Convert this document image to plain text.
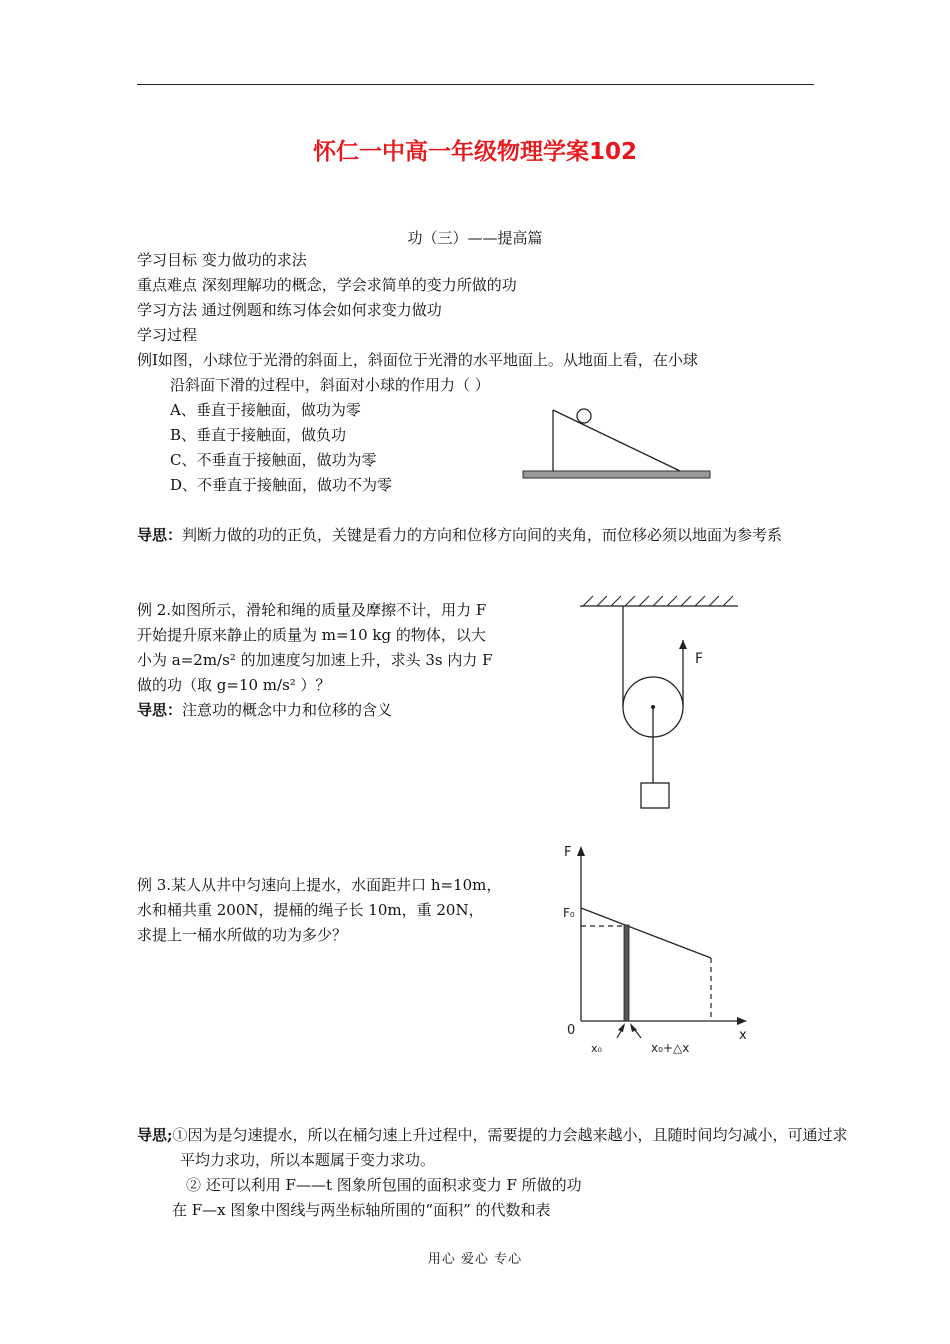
怀仁一中高一年级物理学案102
功（三）——提高篇
学习目标 变力做功的求法
重点难点 深刻理解功的概念，学会求简单的变力所做的功
学习方法 通过例题和练习体会如何求变力做功
学习过程
例Ⅰ如图，小球位于光滑的斜面上，斜面位于光滑的水平地面上。从地面上看，在小球
沿斜面下滑的过程中，斜面对小球的作用力（ ）
A、垂直于接触面，做功为零
B、垂直于接触面，做负功
C、不垂直于接触面，做功为零
D、不垂直于接触面，做功不为零
导思：判断力做的功的正负，关键是看力的方向和位移方向间的夹角，而位移必须以地面为参考系
例 2.如图所示，滑轮和绳的质量及摩擦不计，用力 F
开始提升原来静止的质量为 m=10 kg 的物体，以大
小为 a=2m/s² 的加速度匀加速上升，求头 3s 内力 F
做的功（取 g=10 m/s² ）？
导思：注意功的概念中力和位移的含义
F
例 3.某人从井中匀速向上提水，水面距井口 h=10m，
水和桶共重 200N，提桶的绳子长 10m，重 20N，
求提上一桶水所做的功为多少？
F
F₀
0	x
x₀	x₀+△x
导思;①因为是匀速提水，所以在桶匀速上升过程中，需要提的力会越来越小，且随时间均匀减小，可通过求平均力求功，所以本题属于变力求功。
② 还可以利用 F——t 图象所包围的面积求变力 F 所做的功
在 F—x 图象中图线与两坐标轴所围的“面积” 的代数和表
用心 爱心 专心
